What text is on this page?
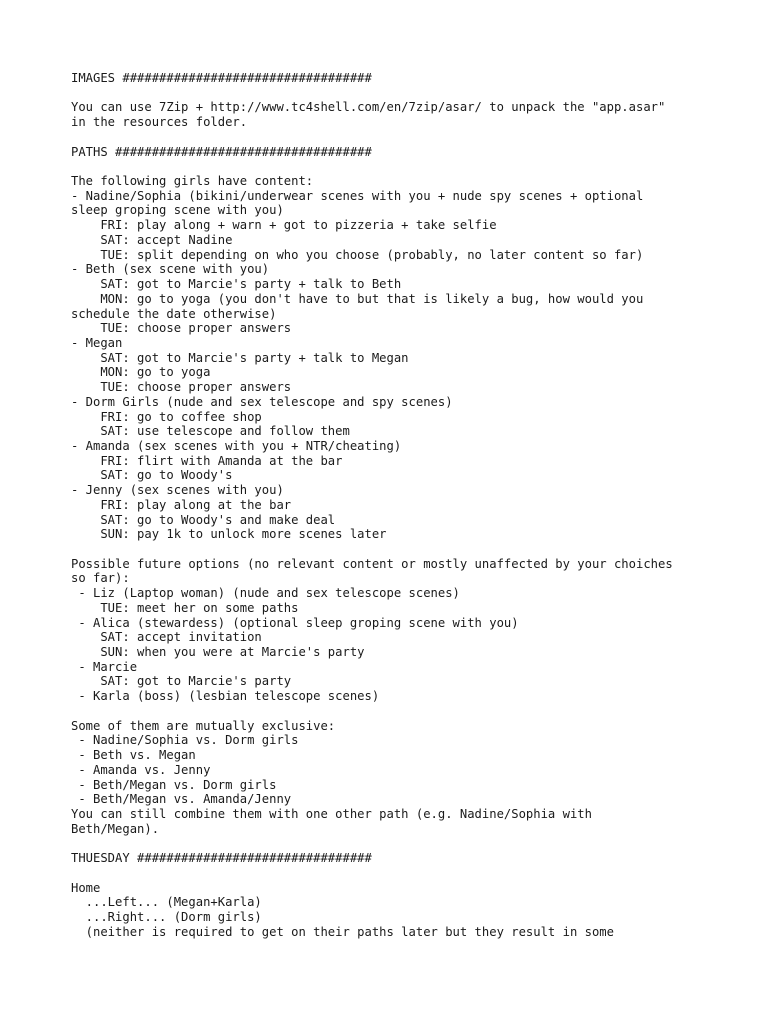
IMAGES ##################################
You can use 7Zip + http://www.tc4shell.com/en/7zip/asar/ to unpack the "app.asar"
in the resources folder.
PATHS ###################################
The following girls have content:
- Nadine/Sophia (bikini/underwear scenes with you + nude spy scenes + optional
sleep groping scene with you)
FRI: play along + warn + got to pizzeria + take selfie
SAT: accept Nadine
TUE: split depending on who you choose (probably, no later content so far)
- Beth (sex scene with you)
SAT: got to Marcie's party + talk to Beth
MON: go to yoga (you don't have to but that is likely a bug, how would you
schedule the date otherwise)
TUE: choose proper answers
- Megan
SAT: got to Marcie's party + talk to Megan
MON: go to yoga
TUE: choose proper answers
- Dorm Girls (nude and sex telescope and spy scenes)
FRI: go to coffee shop
SAT: use telescope and follow them
- Amanda (sex scenes with you + NTR/cheating)
FRI: flirt with Amanda at the bar
SAT: go to Woody's
- Jenny (sex scenes with you)
FRI: play along at the bar
SAT: go to Woody's and make deal
SUN: pay 1k to unlock more scenes later
Possible future options (no relevant content or mostly unaffected by your choiches
so far):
- Liz (Laptop woman) (nude and sex telescope scenes)
TUE: meet her on some paths
- Alica (stewardess) (optional sleep groping scene with you)
SAT: accept invitation
SUN: when you were at Marcie's party
- Marcie
SAT: got to Marcie's party
- Karla (boss) (lesbian telescope scenes)
Some of them are mutually exclusive:
- Nadine/Sophia vs. Dorm girls
- Beth vs. Megan
- Amanda vs. Jenny
- Beth/Megan vs. Dorm girls
- Beth/Megan vs. Amanda/Jenny
You can still combine them with one other path (e.g. Nadine/Sophia with
Beth/Megan).
THUESDAY ################################
Home
...Left... (Megan+Karla)
...Right... (Dorm girls)
(neither is required to get on their paths later but they result in some
